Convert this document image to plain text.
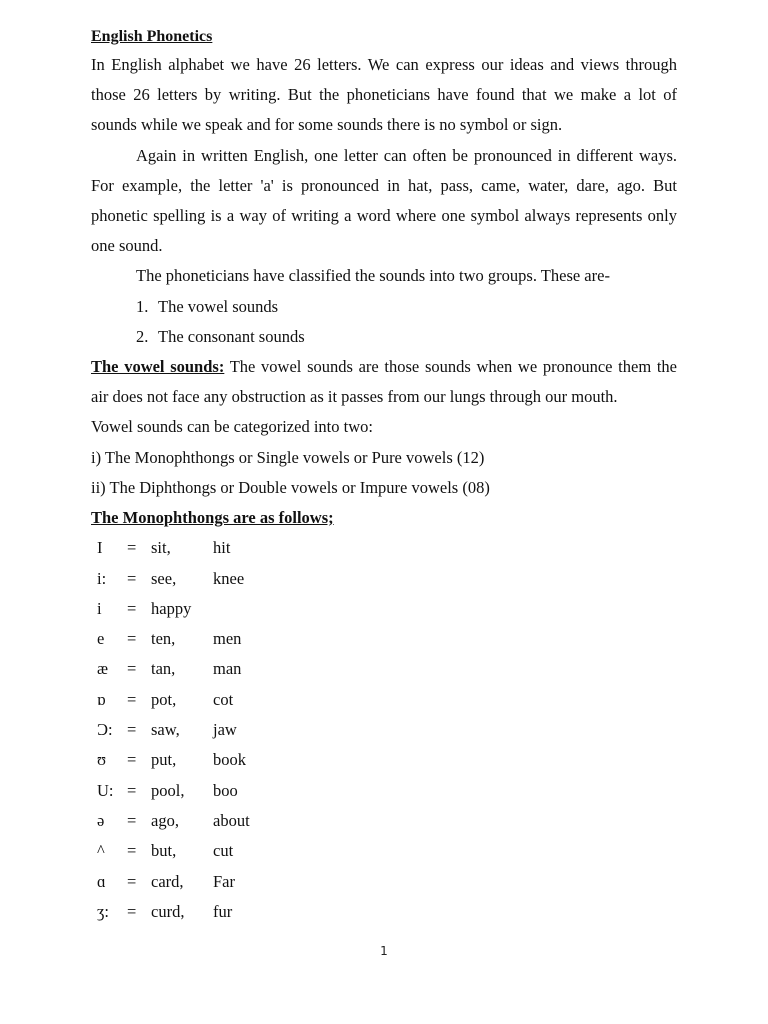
English Phonetics

In English alphabet we have 26 letters. We can express our ideas and views through those 26 letters by writing. But the phoneticians have found that we make a lot of sounds while we speak and for some sounds there is no symbol or sign.

Again in written English, one letter can often be pronounced in different ways. For example, the letter 'a' is pronounced in hat, pass, came, water, dare, ago. But phonetic spelling is a way of writing a word where one symbol always represents only one sound.

The phoneticians have classified the sounds into two groups. These are-

1. The vowel sounds
2. The consonant sounds

The vowel sounds: The vowel sounds are those sounds when we pronounce them the air does not face any obstruction as it passes from our lungs through our mouth.

Vowel sounds can be categorized into two:
i) The Monophthongs or Single vowels or Pure vowels (12)
ii) The Diphthongs or Double vowels or Impure vowels (08)
The Monophthongs are as follows;
I	= sit,	hit
i:	= see,	knee
i	= happy
e	= ten,	men
æ	= tan,	man
ɒ	= pot,	cot
Ɔ: = saw,	jaw
ʊ	= put,	book
U: = pool,	boo
ə	= ago,	about
^	= but,	cut
ɑ	= card,	Far
ʒ:	= curd,	fur
1
